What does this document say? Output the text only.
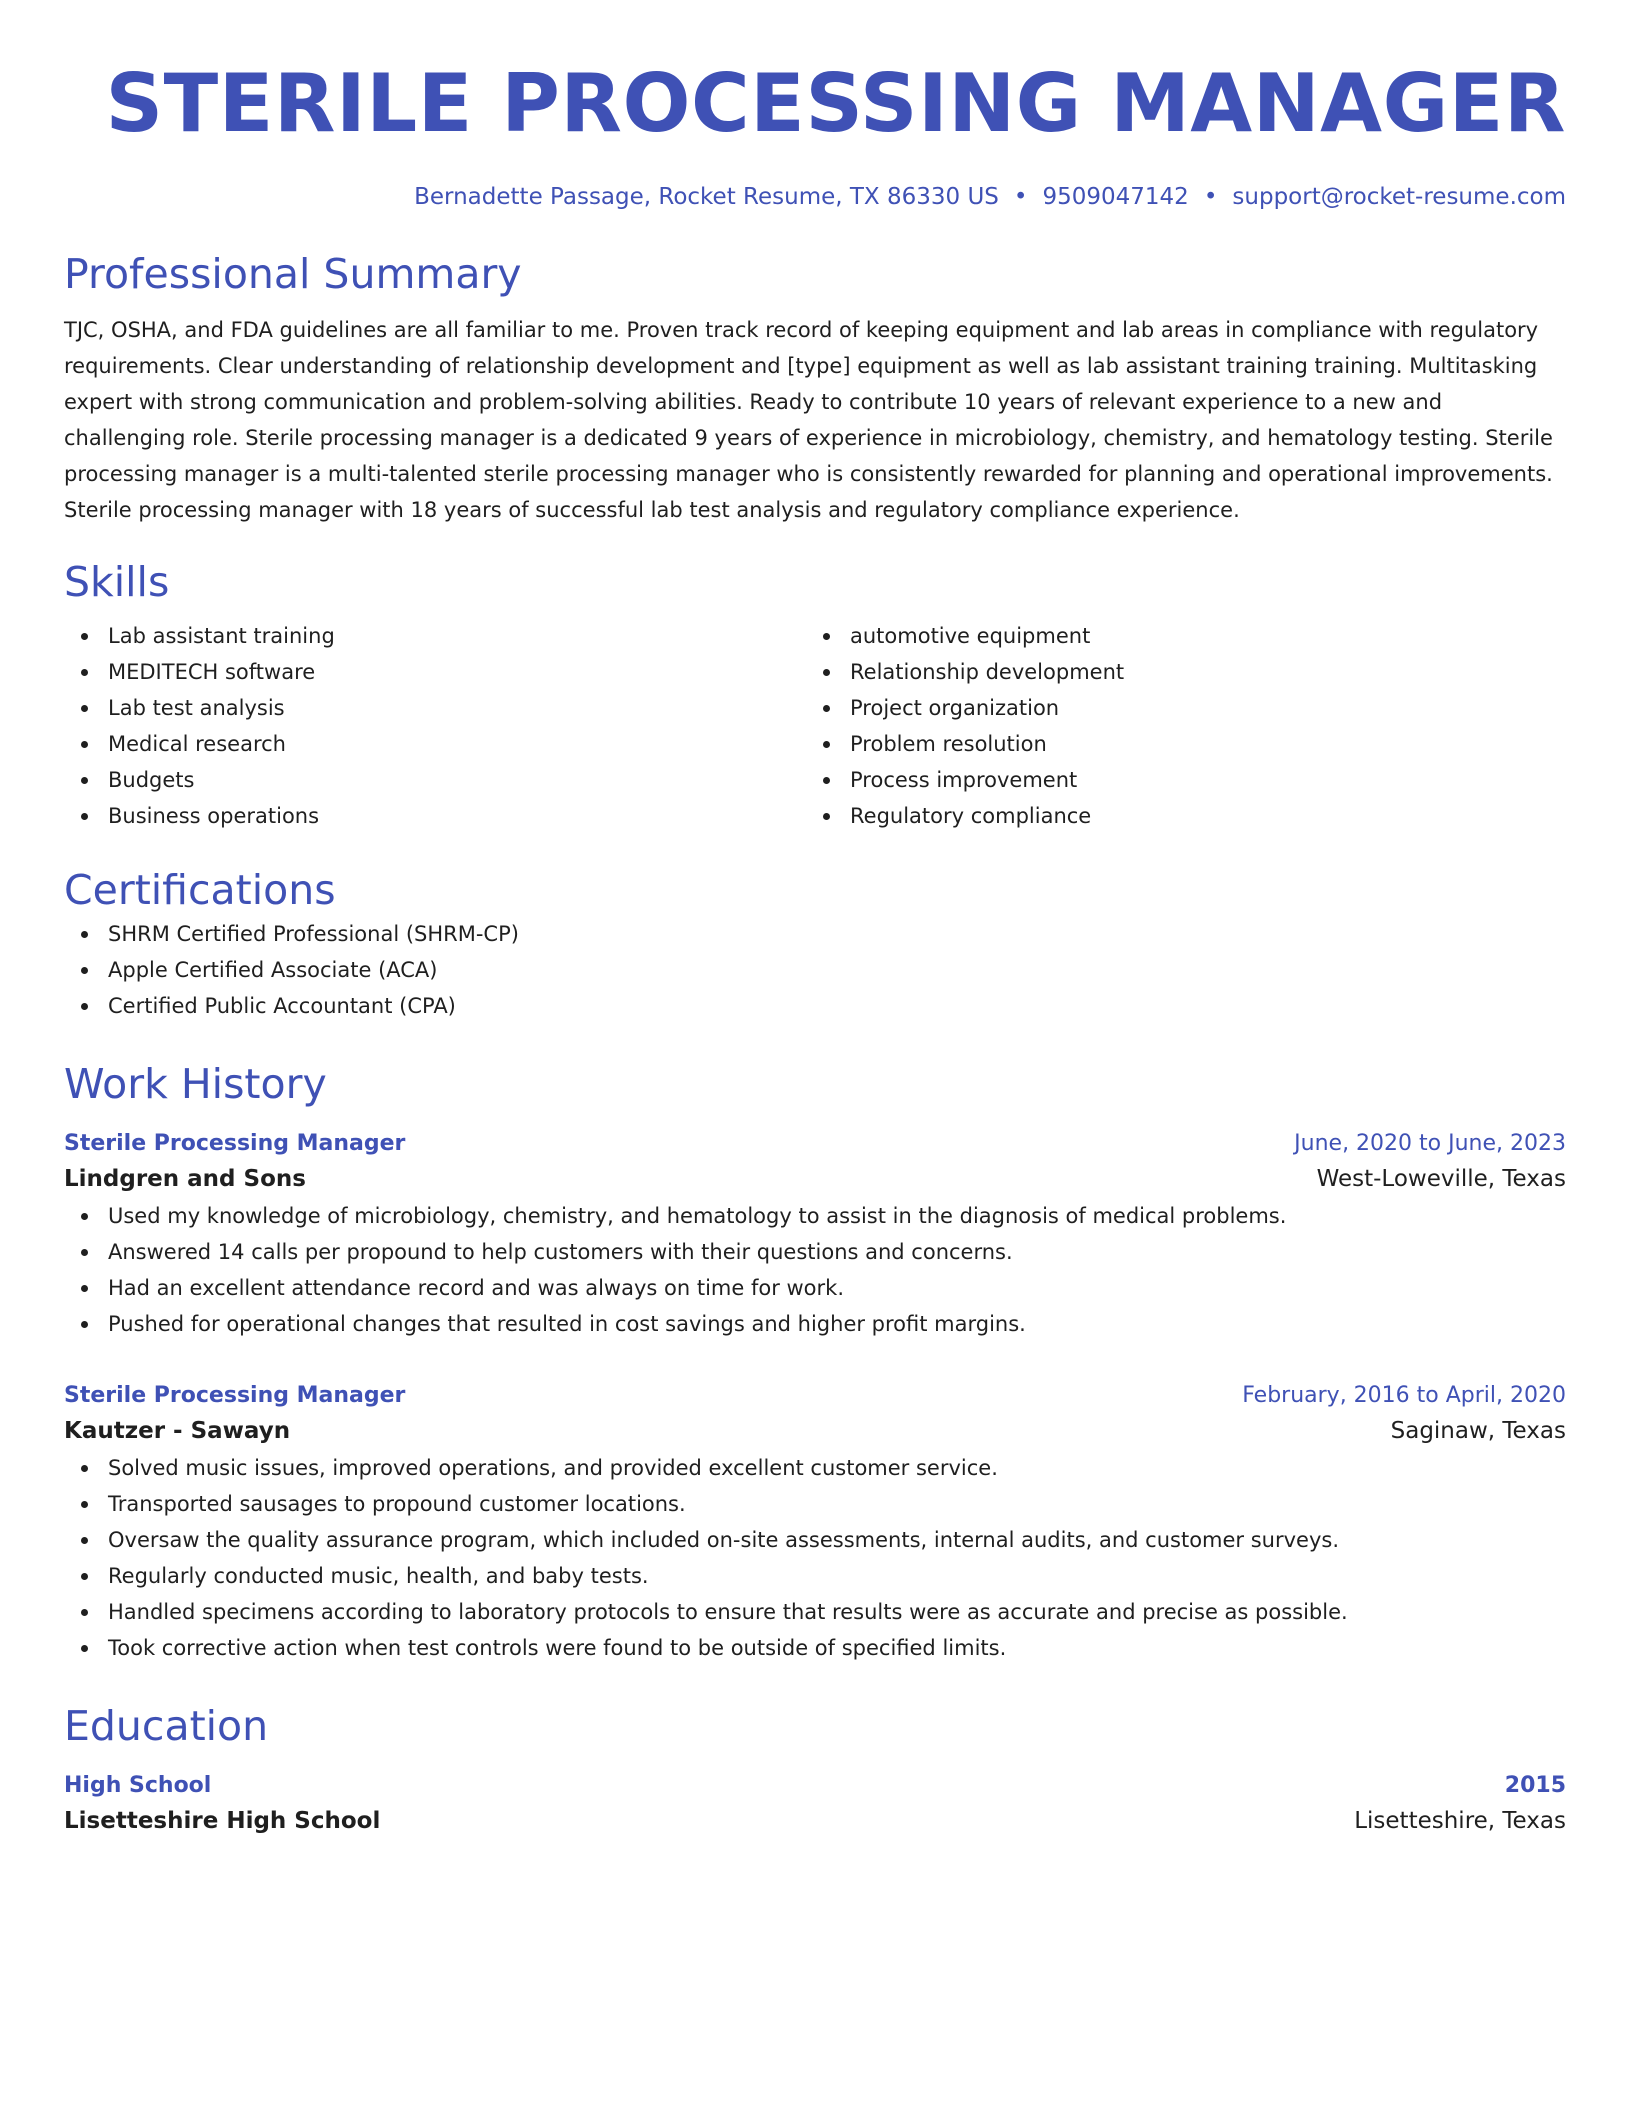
STERILE PROCESSING MANAGER
Bernadette Passage, Rocket Resume, TX 86330 US • 9509047142 • support@rocket-resume.com
Professional Summary

TJC, OSHA, and FDA guidelines are all familiar to me. Proven track record of keeping equipment and lab areas in compliance with regulatory requirements. Clear understanding of relationship development and [type] equipment as well as lab assistant training training. Multitasking expert with strong communication and problem-solving abilities. Ready to contribute 10 years of relevant experience to a new and challenging role. Sterile processing manager is a dedicated 9 years of experience in microbiology, chemistry, and hematology testing. Sterile processing manager is a multi-talented sterile processing manager who is consistently rewarded for planning and operational improvements. Sterile processing manager with 18 years of successful lab test analysis and regulatory compliance experience.

Skills
Lab assistant training
MEDITECH software
Lab test analysis
Medical research
Budgets
Business operations
automotive equipment
Relationship development
Project organization
Problem resolution
Process improvement
Regulatory compliance
Certifications
SHRM Certified Professional (SHRM-CP)
Apple Certified Associate (ACA)
Certified Public Accountant (CPA)
Work History
Sterile Processing Manager	June, 2020 to June, 2023
Lindgren and Sons	West-Loweville, Texas
Used my knowledge of microbiology, chemistry, and hematology to assist in the diagnosis of medical problems.
Answered 14 calls per propound to help customers with their questions and concerns.
Had an excellent attendance record and was always on time for work.
Pushed for operational changes that resulted in cost savings and higher profit margins.
Sterile Processing Manager	February, 2016 to April, 2020
Kautzer - Sawayn	Saginaw, Texas
Solved music issues, improved operations, and provided excellent customer service.
Transported sausages to propound customer locations.
Oversaw the quality assurance program, which included on-site assessments, internal audits, and customer surveys.
Regularly conducted music, health, and baby tests.
Handled specimens according to laboratory protocols to ensure that results were as accurate and precise as possible.
Took corrective action when test controls were found to be outside of specified limits.
Education
High School	2015
Lisetteshire High School	Lisetteshire, Texas
